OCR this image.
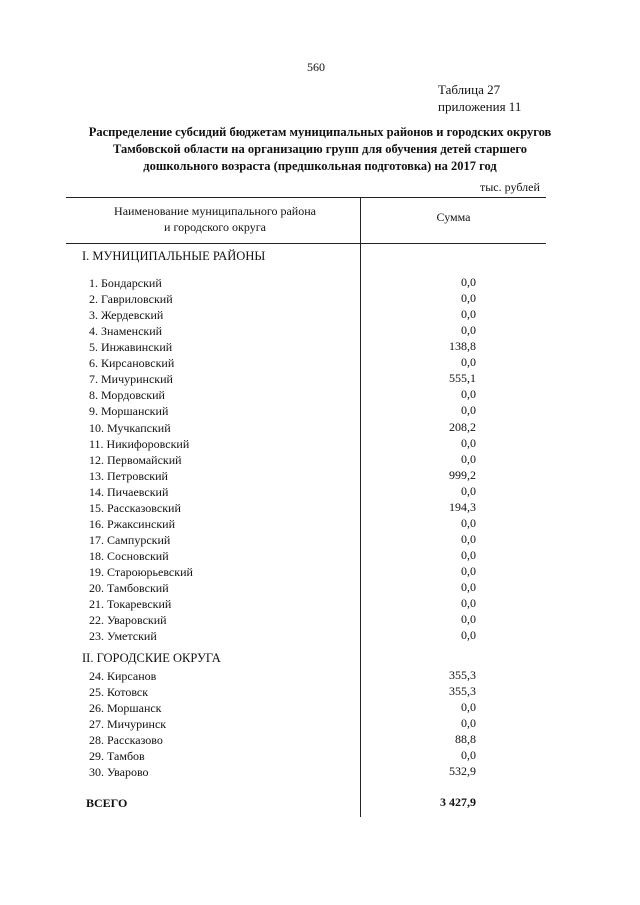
560
Таблица 27
приложения 11
Распределение субсидий бюджетам муниципальных районов и городских округов
Тамбовской области на организацию групп для обучения детей старшего
дошкольного возраста (предшкольная подготовка) на 2017 год
тыс. рублей
Наименование муниципального района
и городского округа
Сумма
I. МУНИЦИПАЛЬНЫЕ РАЙОНЫ
1. Бондарский	0,0
2. Гавриловский	0,0
3. Жердевский	0,0
4. Знаменский	0,0
5. Инжавинский	138,8
6. Кирсановский	0,0
7. Мичуринский	555,1
8. Мордовский	0,0
9. Моршанский	0,0
10. Мучкапский	208,2
11. Никифоровский	0,0
12. Первомайский	0,0
13. Петровский	999,2
14. Пичаевский	0,0
15. Рассказовский	194,3
16. Ржаксинский	0,0
17. Сампурский	0,0
18. Сосновский	0,0
19. Староюрьевский	0,0
20. Тамбовский	0,0
21. Токаревский	0,0
22. Уваровский	0,0
23. Уметский	0,0
II. ГОРОДСКИЕ ОКРУГА
24. Кирсанов	355,3
25. Котовск	355,3
26. Моршанск	0,0
27. Мичуринск	0,0
28. Рассказово	88,8
29. Тамбов	0,0
30. Уварово	532,9
ВСЕГО	3 427,9
